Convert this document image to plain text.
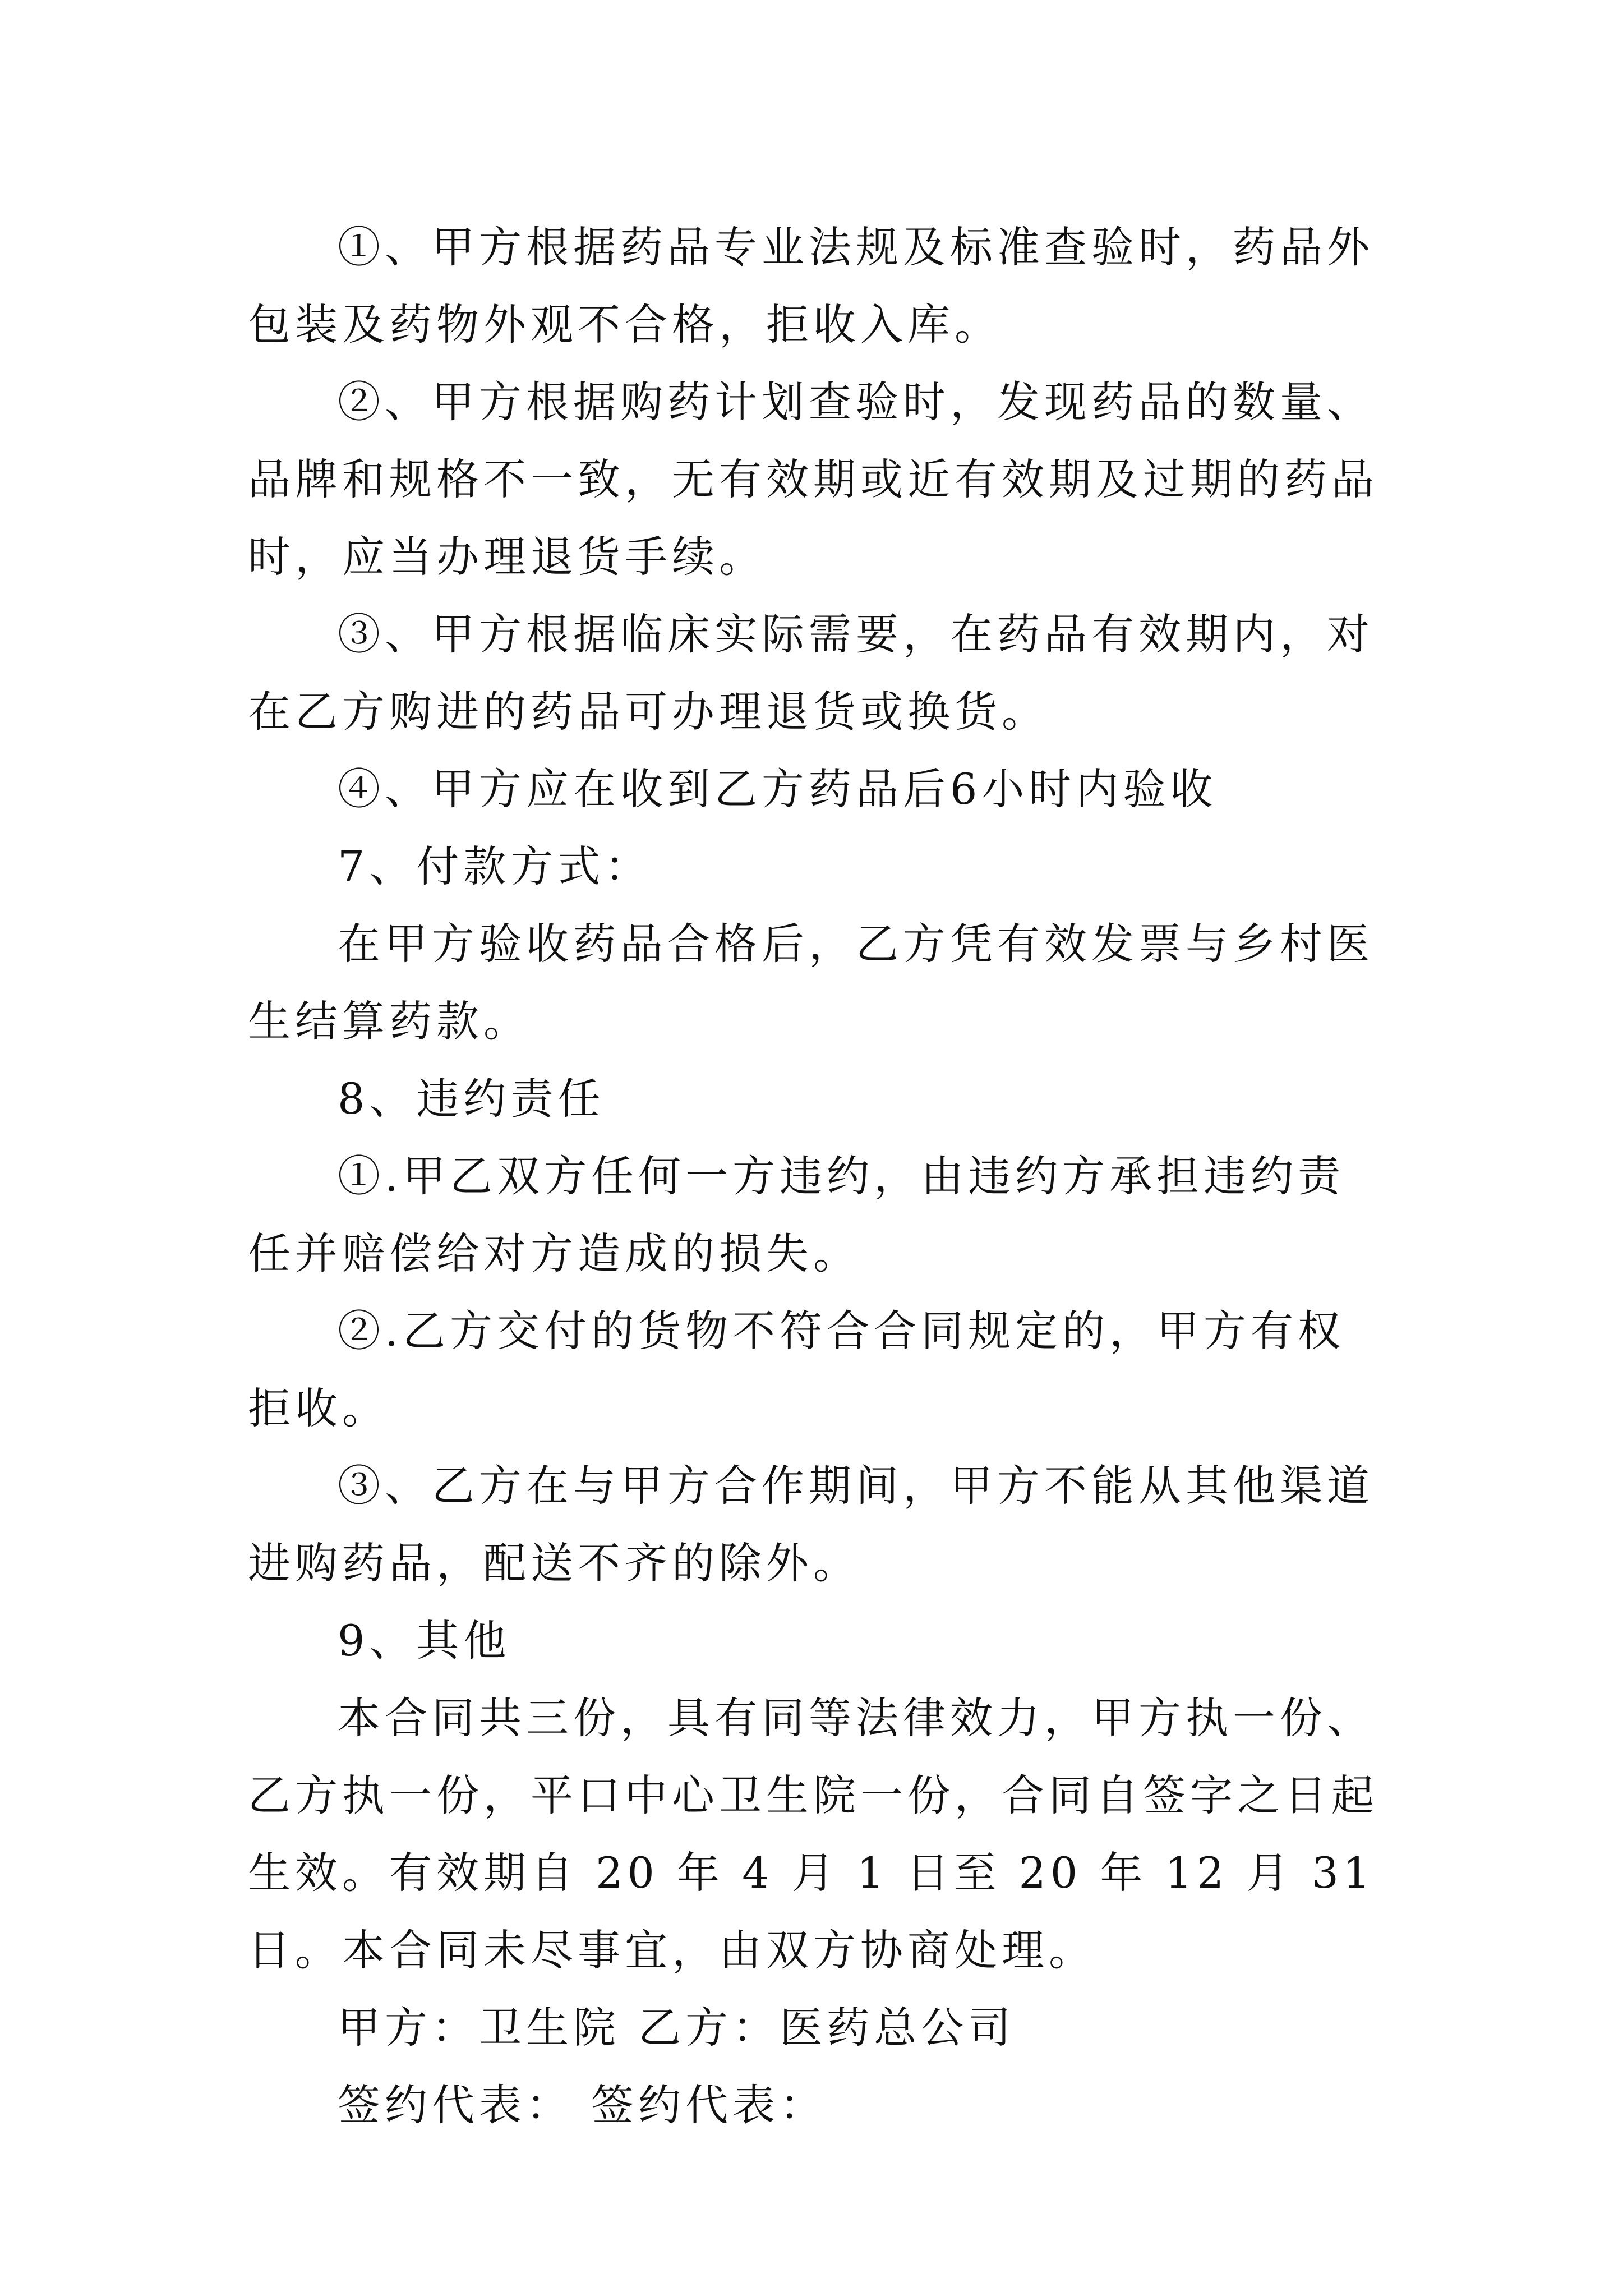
①、甲方根据药品专业法规及标准查验时，药品外包装及药物外观不合格，拒收入库。

②、甲方根据购药计划查验时，发现药品的数量、品牌和规格不一致，无有效期或近有效期及过期的药品时，应当办理退货手续。

③、甲方根据临床实际需要，在药品有效期内，对在乙方购进的药品可办理退货或换货。

④、甲方应在收到乙方药品后6小时内验收

7、付款方式：

在甲方验收药品合格后，乙方凭有效发票与乡村医生结算药款。

8、违约责任

①.甲乙双方任何一方违约，由违约方承担违约责任并赔偿给对方造成的损失。

②.乙方交付的货物不符合合同规定的，甲方有权拒收。

③、乙方在与甲方合作期间，甲方不能从其他渠道进购药品，配送不齐的除外。

9、其他

本合同共三份，具有同等法律效力，甲方执一份、乙方执一份，平口中心卫生院一份，合同自签字之日起生效。有效期自 20 年 4 月 1 日至 20 年 12 月 31 日。本合同未尽事宜，由双方协商处理。

甲方：卫生院 乙方：医药总公司

签约代表： 签约代表：
